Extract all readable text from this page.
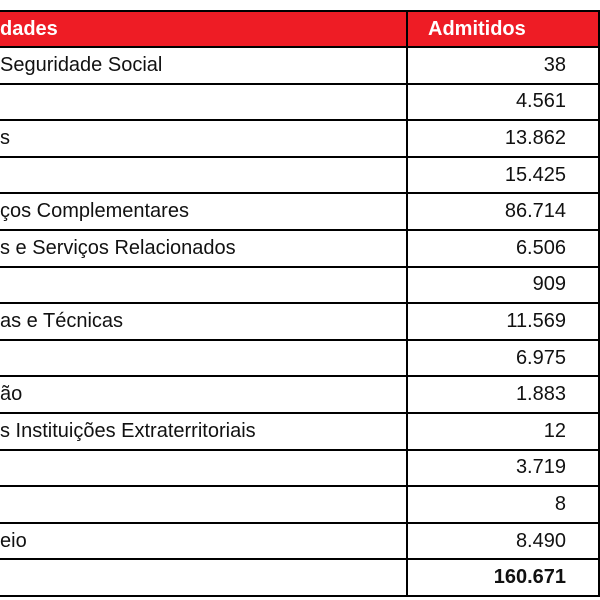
dades	Admitidos
Seguridade Social	38
	4.561
s	13.862
	15.425
ços Complementares	86.714
s e Serviços Relacionados	6.506
	909
as e Técnicas	11.569
	6.975
ão	1.883
s Instituições Extraterritoriais	12
	3.719
	8
eio	8.490
	160.671
